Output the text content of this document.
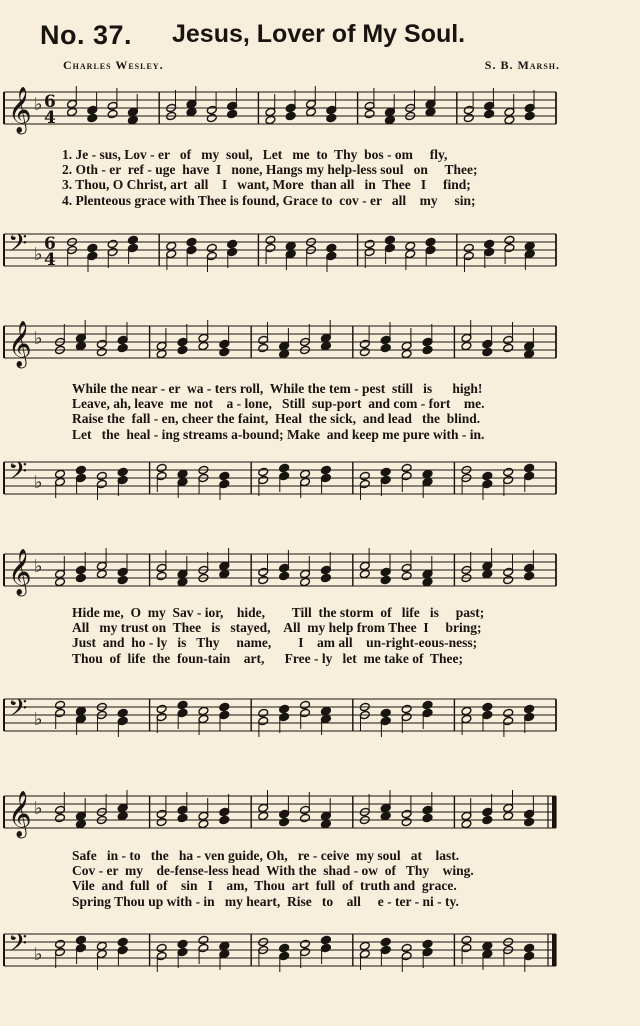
No. 37. Jesus, Lover of My Soul.
Charles Wesley.	S. B. Marsh.
𝄞 ♭ 6
4
1. Je - sus, Lov - er   of   my  soul,   Let   me  to  Thy  bos - om     fly,
2. Oth - er  ref - uge  have  I   none, Hangs my help-less soul   on     Thee;
3. Thou, O Christ, art  all    I   want, More  than all   in  Thee   I     find;
4. Plenteous grace with Thee is found, Grace to  cov - er   all    my     sin;
𝄢 ♭ 6
4
𝄞 ♭
While the near - er  wa - ters roll,  While the tem - pest  still   is      high!
Leave, ah, leave  me  not    a - lone,   Still  sup-port  and com - fort    me.
Raise the  fall - en, cheer the faint,  Heal  the sick,  and lead   the  blind.
Let   the  heal - ing streams a-bound; Make  and keep me pure with - in.
𝄢 ♭
𝄞 ♭
Hide me,  O  my  Sav - ior,    hide,        Till  the storm  of   life   is     past;
All   my trust on  Thee   is   stayed,    All  my help from Thee  I     bring;
Just  and  ho - ly   is   Thy     name,        I    am all    un-right-eous-ness;
Thou  of  life  the  foun-tain    art,      Free - ly   let  me take of  Thee;
𝄢 ♭
𝄞 ♭
Safe   in - to   the   ha - ven guide, Oh,   re - ceive  my soul   at    last.
Cov - er  my    de-fense-less head  With the  shad - ow  of   Thy    wing.
Vile  and  full  of    sin   I    am,  Thou  art  full  of  truth and  grace.
Spring Thou up with - in   my heart,  Rise   to    all     e - ter - ni - ty.
𝄢 ♭
